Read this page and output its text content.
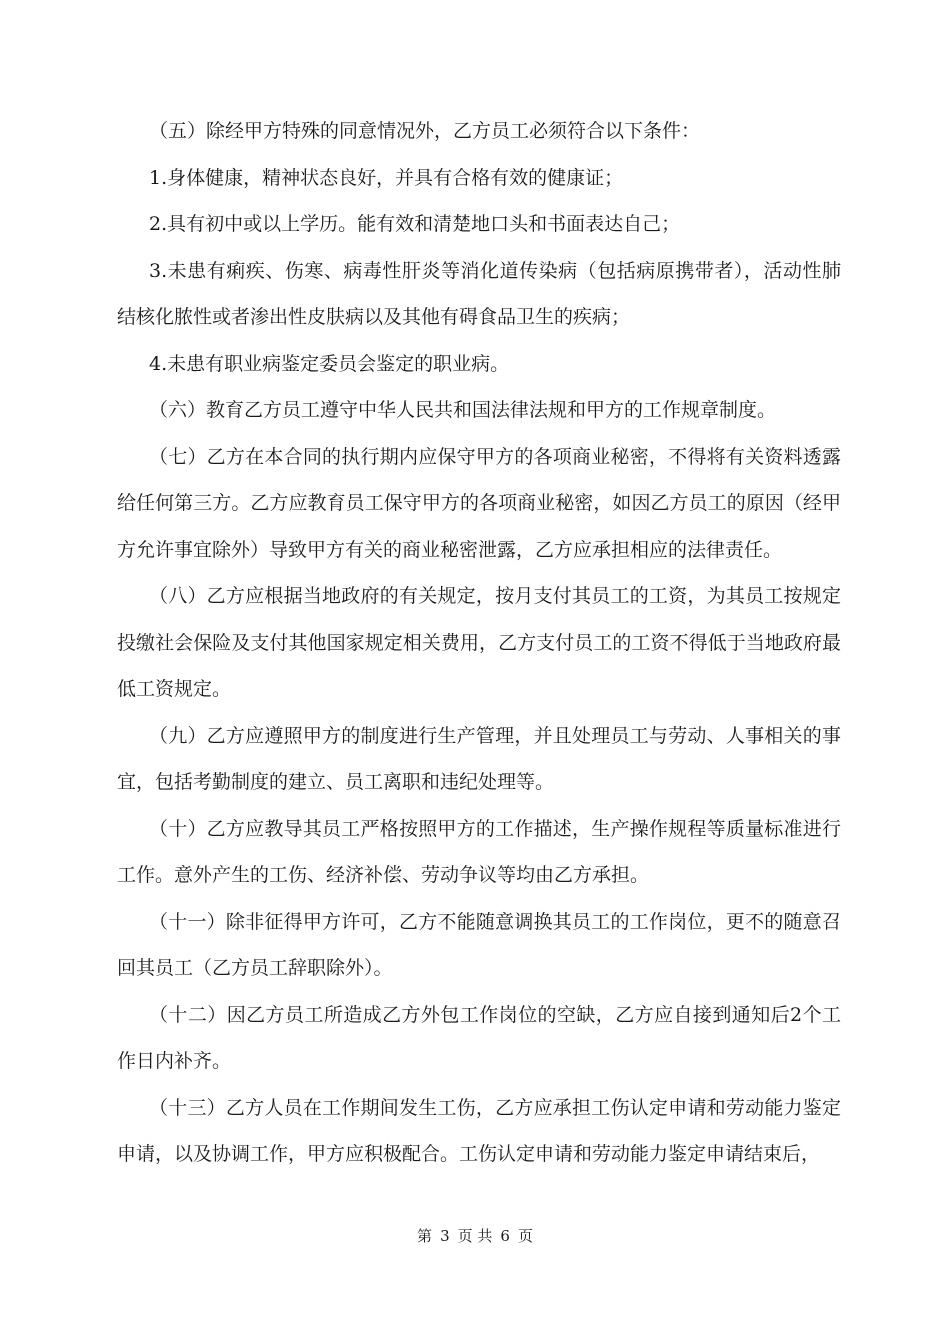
（五）除经甲方特殊的同意情况外，乙方员工必须符合以下条件：

1.身体健康，精神状态良好，并具有合格有效的健康证；

2.具有初中或以上学历。能有效和清楚地口头和书面表达自己；

3.未患有痢疾、伤寒、病毒性肝炎等消化道传染病（包括病原携带者），活动性肺结核化脓性或者渗出性皮肤病以及其他有碍食品卫生的疾病；

4.未患有职业病鉴定委员会鉴定的职业病。

（六）教育乙方员工遵守中华人民共和国法律法规和甲方的工作规章制度。

（七）乙方在本合同的执行期内应保守甲方的各项商业秘密，不得将有关资料透露给任何第三方。乙方应教育员工保守甲方的各项商业秘密，如因乙方员工的原因（经甲方允许事宜除外）导致甲方有关的商业秘密泄露，乙方应承担相应的法律责任。

（八）乙方应根据当地政府的有关规定，按月支付其员工的工资，为其员工按规定投缴社会保险及支付其他国家规定相关费用，乙方支付员工的工资不得低于当地政府最低工资规定。

（九）乙方应遵照甲方的制度进行生产管理，并且处理员工与劳动、人事相关的事宜，包括考勤制度的建立、员工离职和违纪处理等。

（十）乙方应教导其员工严格按照甲方的工作描述，生产操作规程等质量标准进行工作。意外产生的工伤、经济补偿、劳动争议等均由乙方承担。

（十一）除非征得甲方许可，乙方不能随意调换其员工的工作岗位，更不的随意召回其员工（乙方员工辞职除外）。

（十二）因乙方员工所造成乙方外包工作岗位的空缺，乙方应自接到通知后2个工作日内补齐。

（十三）乙方人员在工作期间发生工伤，乙方应承担工伤认定申请和劳动能力鉴定申请，以及协调工作，甲方应积极配合。工伤认定申请和劳动能力鉴定申请结束后，

第 3 页 共 6 页
